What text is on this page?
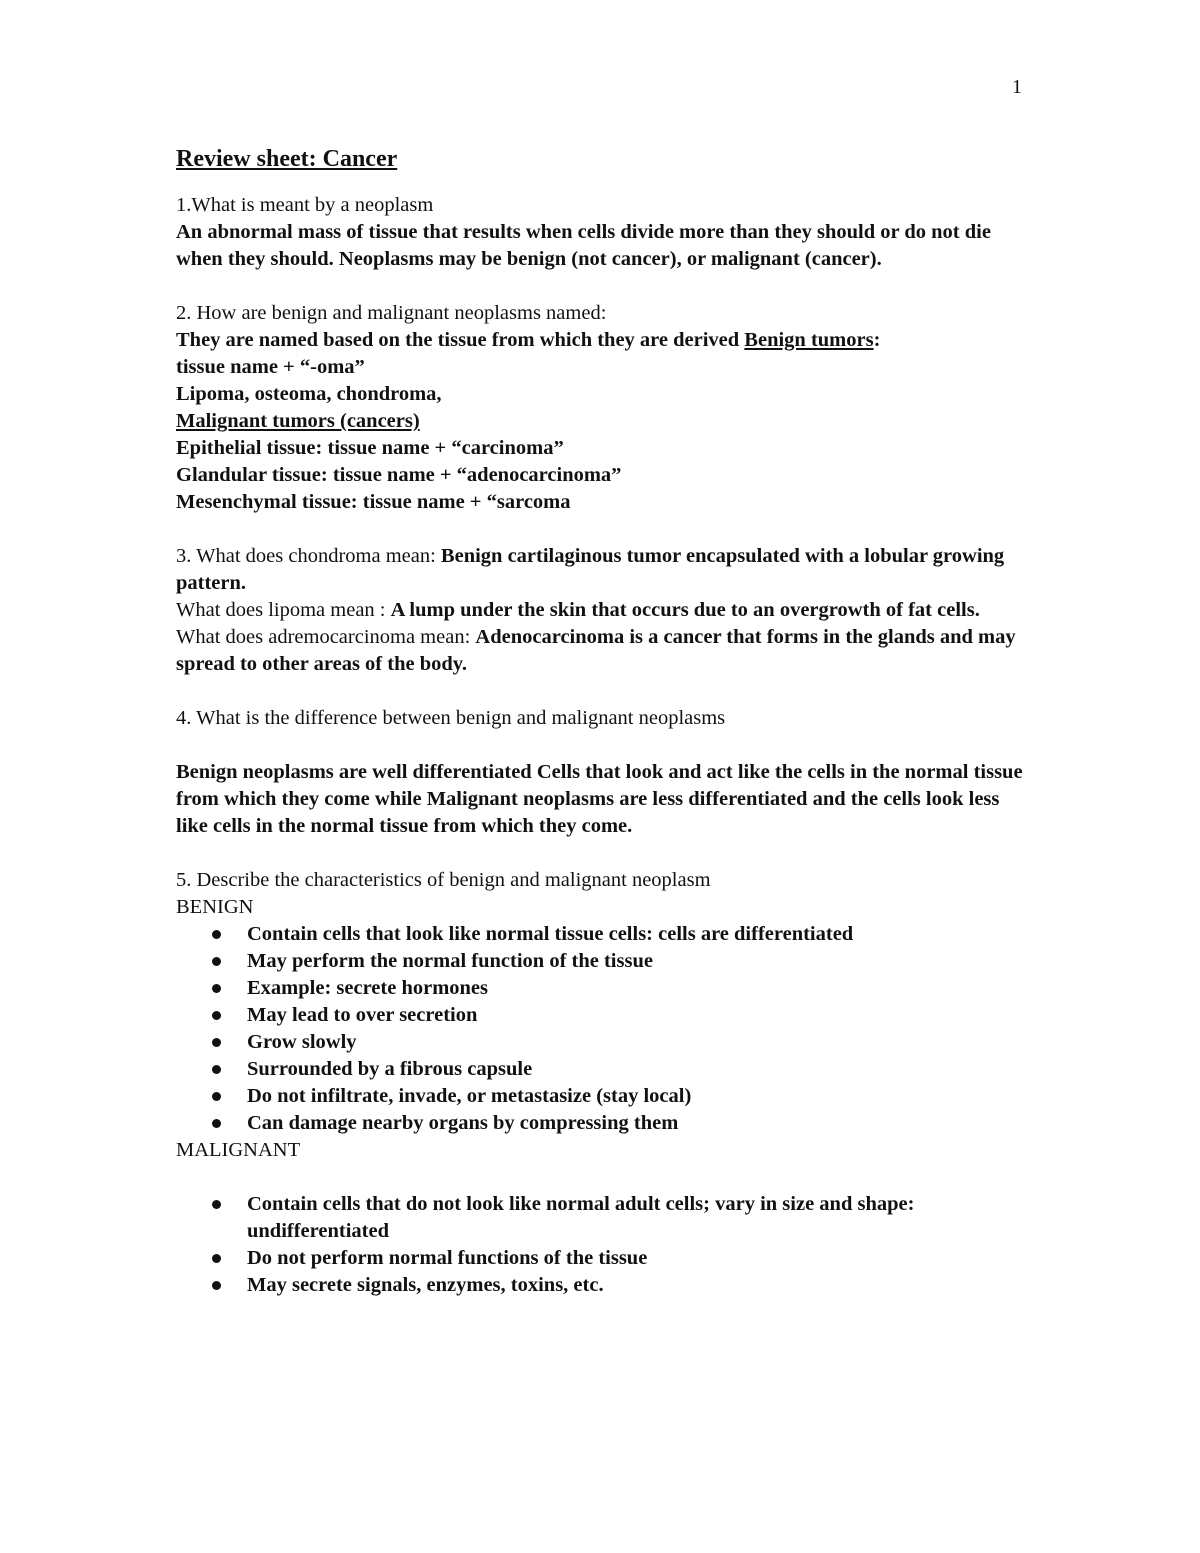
1
Review sheet: Cancer
1.What is meant by a neoplasm
An abnormal mass of tissue that results when cells divide more than they should or do not die when they should. Neoplasms may be benign (not cancer), or malignant (cancer).
2. How are benign and malignant neoplasms named:
They are named based on the tissue from which they are derived Benign tumors:
tissue name + “-oma”
Lipoma, osteoma, chondroma,
Malignant tumors (cancers)
Epithelial tissue: tissue name + “carcinoma”
Glandular tissue: tissue name + “adenocarcinoma”
Mesenchymal tissue: tissue name + “sarcoma
3. What does chondroma mean: Benign cartilaginous tumor encapsulated with a lobular growing pattern.
What does lipoma mean : A lump under the skin that occurs due to an overgrowth of fat cells.
What does adremocarcinoma mean: Adenocarcinoma is a cancer that forms in the glands and may spread to other areas of the body.
4. What is the difference between benign and malignant neoplasms
Benign neoplasms are well differentiated Cells that look and act like the cells in the normal tissue from which they come while Malignant neoplasms are less differentiated and the cells look less like cells in the normal tissue from which they come.
5. Describe the characteristics of benign and malignant neoplasm
BENIGN
Contain cells that look like normal tissue cells: cells are differentiated
May perform the normal function of the tissue
Example: secrete hormones
May lead to over secretion
Grow slowly
Surrounded by a fibrous capsule
Do not infiltrate, invade, or metastasize (stay local)
Can damage nearby organs by compressing them
MALIGNANT
Contain cells that do not look like normal adult cells; vary in size and shape: undifferentiated
Do not perform normal functions of the tissue
May secrete signals, enzymes, toxins, etc.
